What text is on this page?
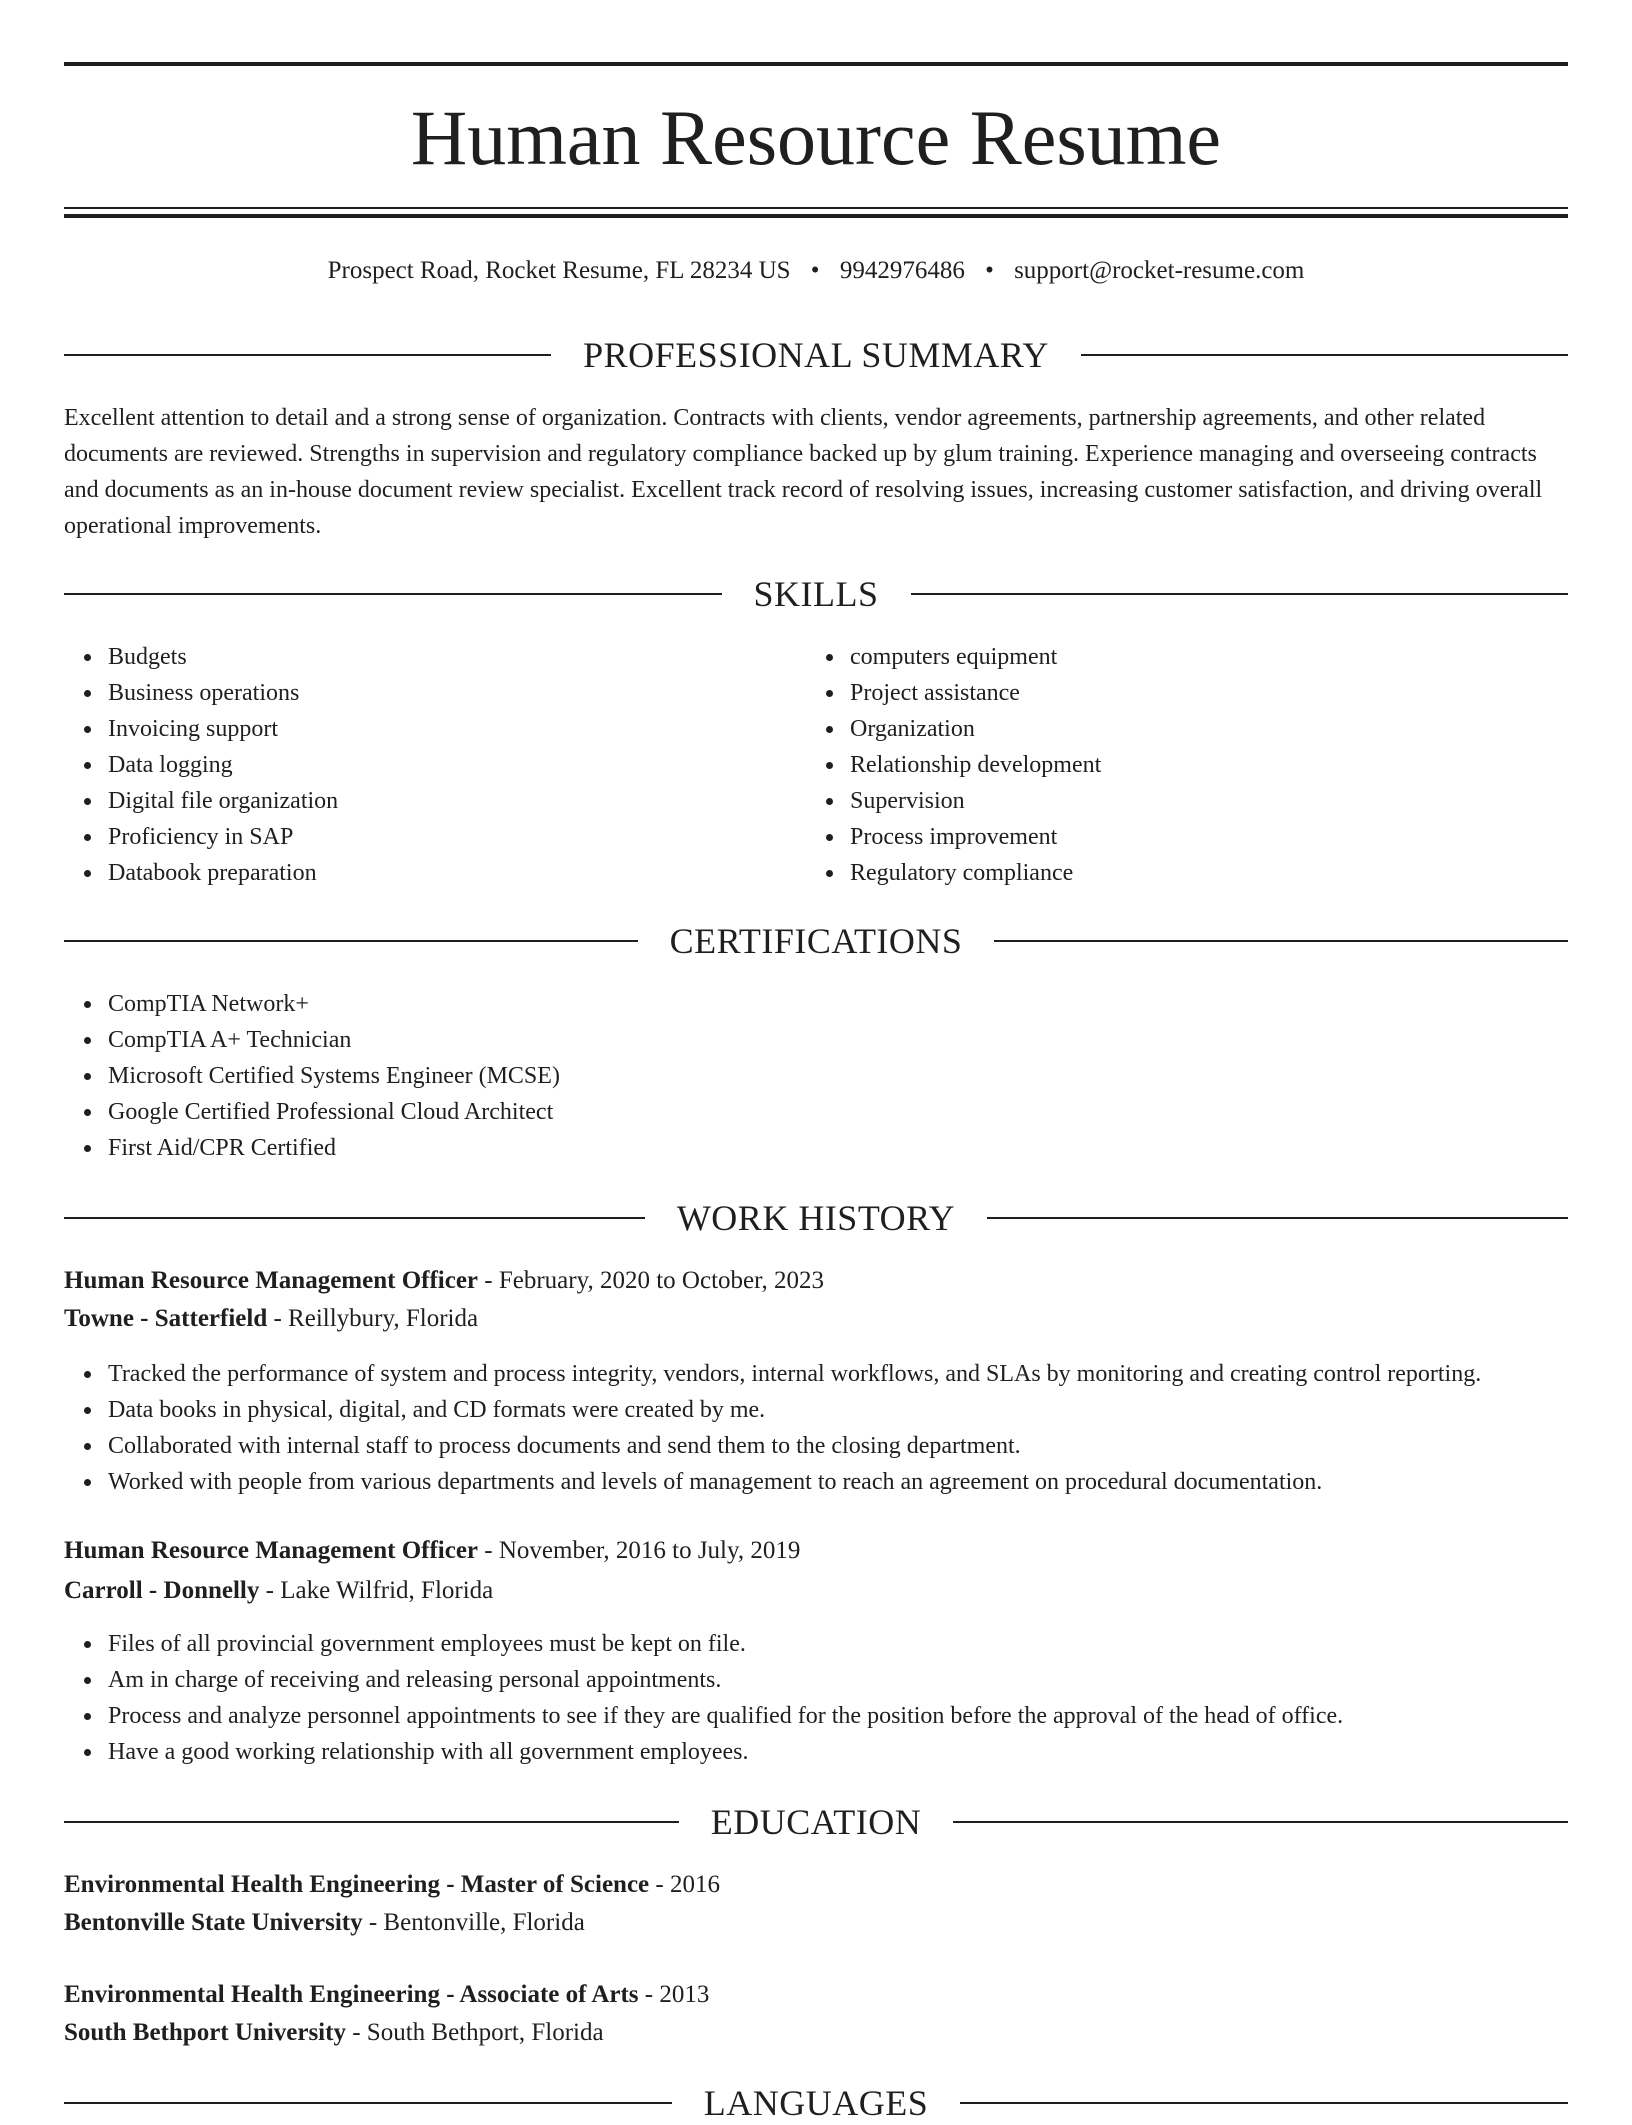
Human Resource Resume
Prospect Road, Rocket Resume, FL 28234 US • 9942976486 • support@rocket-resume.com
PROFESSIONAL SUMMARY

Excellent attention to detail and a strong sense of organization. Contracts with clients, vendor agreements, partnership agreements, and other related documents are reviewed. Strengths in supervision and regulatory compliance backed up by glum training. Experience managing and overseeing contracts and documents as an in-house document review specialist. Excellent track record of resolving issues, increasing customer satisfaction, and driving overall operational improvements.

SKILLS
Budgets
Business operations
Invoicing support
Data logging
Digital file organization
Proficiency in SAP
Databook preparation
computers equipment
Project assistance
Organization
Relationship development
Supervision
Process improvement
Regulatory compliance
CERTIFICATIONS
CompTIA Network+
CompTIA A+ Technician
Microsoft Certified Systems Engineer (MCSE)
Google Certified Professional Cloud Architect
First Aid/CPR Certified
WORK HISTORY
Human Resource Management Officer - February, 2020 to October, 2023
Towne - Satterfield - Reillybury, Florida
Tracked the performance of system and process integrity, vendors, internal workflows, and SLAs by monitoring and creating control reporting.
Data books in physical, digital, and CD formats were created by me.
Collaborated with internal staff to process documents and send them to the closing department.
Worked with people from various departments and levels of management to reach an agreement on procedural documentation.
Human Resource Management Officer - November, 2016 to July, 2019
Carroll - Donnelly - Lake Wilfrid, Florida
Files of all provincial government employees must be kept on file.
Am in charge of receiving and releasing personal appointments.
Process and analyze personnel appointments to see if they are qualified for the position before the approval of the head of office.
Have a good working relationship with all government employees.
EDUCATION
Environmental Health Engineering - Master of Science - 2016
Bentonville State University - Bentonville, Florida
Environmental Health Engineering - Associate of Arts - 2013
South Bethport University - South Bethport, Florida
LANGUAGES
